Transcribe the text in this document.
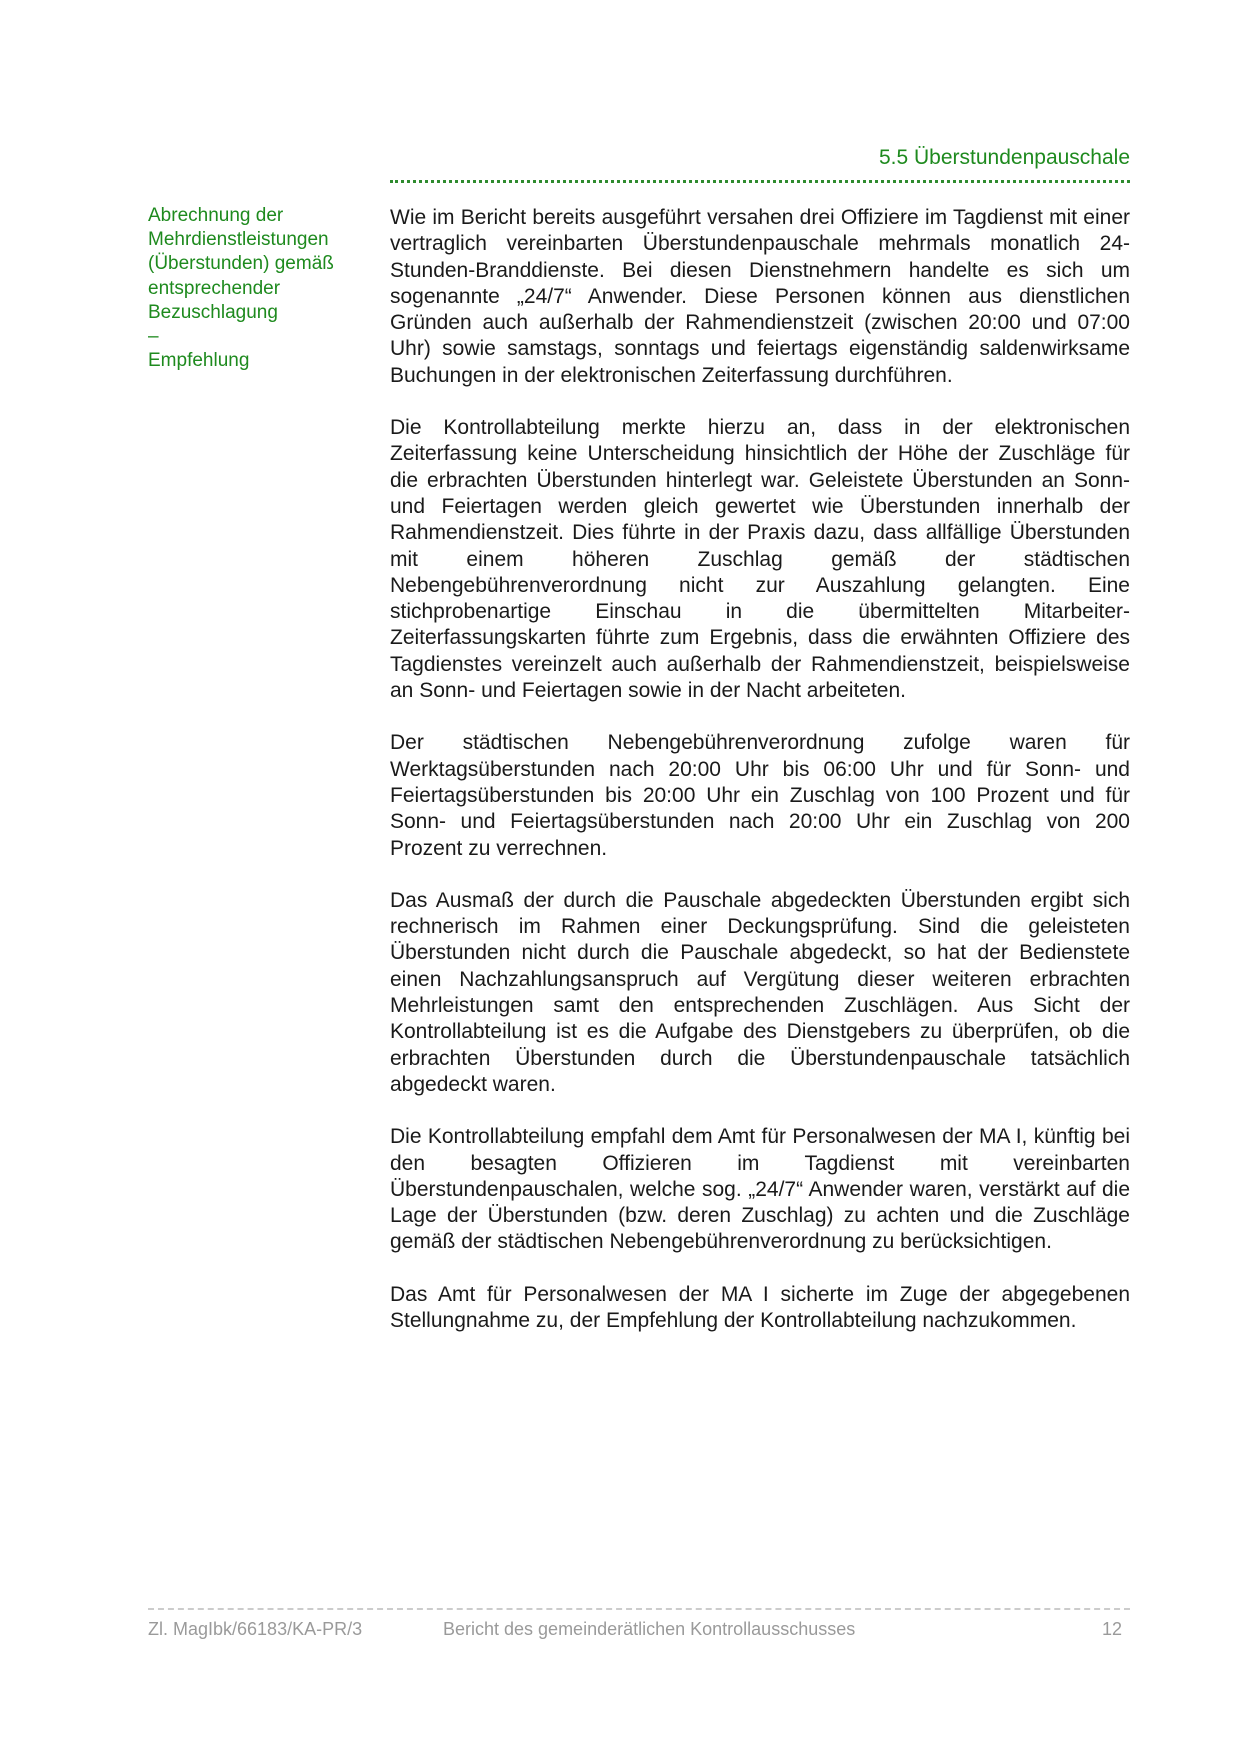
5.5 Überstundenpauschale
Abrechnung der
Mehrdienstleistungen
(Überstunden) gemäß
entsprechender
Bezuschlagung
–
Empfehlung

Wie im Bericht bereits ausgeführt versahen drei Offiziere im Tagdienst mit einer vertraglich vereinbarten Überstundenpauschale mehrmals monatlich 24-Stunden-Branddienste. Bei diesen Dienstnehmern handelte es sich um sogenannte „24/7“ Anwender. Diese Personen können aus dienstlichen Gründen auch außerhalb der Rahmendienstzeit (zwischen 20:00 und 07:00 Uhr) sowie samstags, sonntags und feiertags eigenständig saldenwirksame Buchungen in der elektronischen Zeiterfassung durchführen.

Die Kontrollabteilung merkte hierzu an, dass in der elektronischen Zeiterfassung keine Unterscheidung hinsichtlich der Höhe der Zuschläge für die erbrachten Überstunden hinterlegt war. Geleistete Überstunden an Sonn- und Feiertagen werden gleich gewertet wie Überstunden innerhalb der Rahmendienstzeit. Dies führte in der Praxis dazu, dass allfällige Überstunden mit einem höheren Zuschlag gemäß der städtischen Nebengebührenverordnung nicht zur Auszahlung gelangten. Eine stichprobenartige Einschau in die übermittelten Mitarbeiter-Zeiterfassungskarten führte zum Ergebnis, dass die erwähnten Offiziere des Tagdienstes vereinzelt auch außerhalb der Rahmendienstzeit, beispielsweise an Sonn- und Feiertagen sowie in der Nacht arbeiteten.

Der städtischen Nebengebührenverordnung zufolge waren für Werktagsüberstunden nach 20:00 Uhr bis 06:00 Uhr und für Sonn- und Feiertagsüberstunden bis 20:00 Uhr ein Zuschlag von 100 Prozent und für Sonn- und Feiertagsüberstunden nach 20:00 Uhr ein Zuschlag von 200 Prozent zu verrechnen.

Das Ausmaß der durch die Pauschale abgedeckten Überstunden ergibt sich rechnerisch im Rahmen einer Deckungsprüfung. Sind die geleisteten Überstunden nicht durch die Pauschale abgedeckt, so hat der Bedienstete einen Nachzahlungsanspruch auf Vergütung dieser weiteren erbrachten Mehrleistungen samt den entsprechenden Zuschlägen. Aus Sicht der Kontrollabteilung ist es die Aufgabe des Dienstgebers zu überprüfen, ob die erbrachten Überstunden durch die Überstundenpauschale tatsächlich abgedeckt waren.

Die Kontrollabteilung empfahl dem Amt für Personalwesen der MA I, künftig bei den besagten Offizieren im Tagdienst mit vereinbarten Überstundenpauschalen, welche sog. „24/7“ Anwender waren, verstärkt auf die Lage der Überstunden (bzw. deren Zuschlag) zu achten und die Zuschläge gemäß der städtischen Nebengebührenverordnung zu berücksichtigen.

Das Amt für Personalwesen der MA I sicherte im Zuge der abgegebenen Stellungnahme zu, der Empfehlung der Kontrollabteilung nachzukommen.

Zl. MagIbk/66183/KA-PR/3	Bericht des gemeinderätlichen Kontrollausschusses	12
